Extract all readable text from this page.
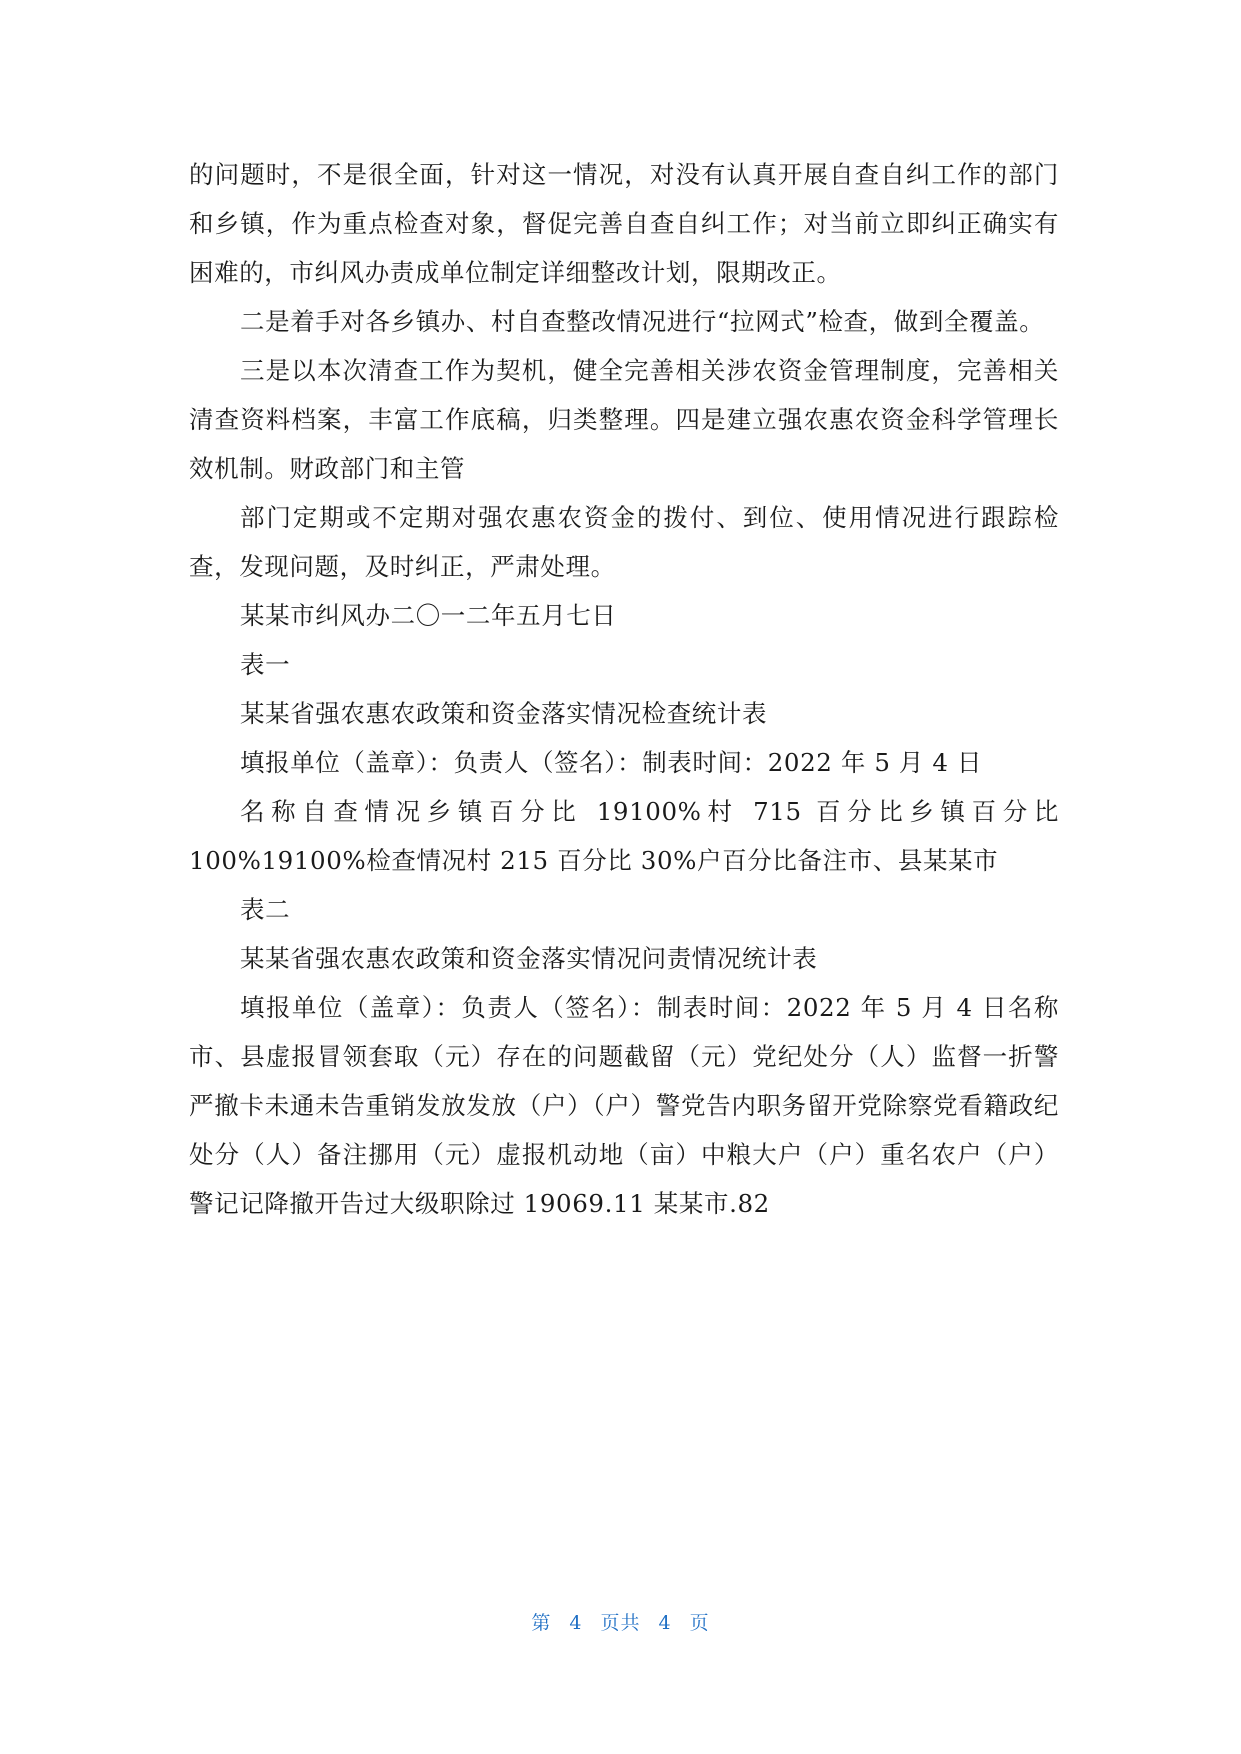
的问题时，不是很全面，针对这一情况，对没有认真开展自查自纠工作的部门和乡镇，作为重点检查对象，督促完善自查自纠工作；对当前立即纠正确实有困难的，市纠风办责成单位制定详细整改计划，限期改正。

二是着手对各乡镇办、村自查整改情况进行“拉网式”检查，做到全覆盖。

三是以本次清查工作为契机，健全完善相关涉农资金管理制度，完善相关清查资料档案，丰富工作底稿，归类整理。四是建立强农惠农资金科学管理长效机制。财政部门和主管

部门定期或不定期对强农惠农资金的拨付、到位、使用情况进行跟踪检查，发现问题，及时纠正，严肃处理。

某某市纠风办二〇一二年五月七日

表一

某某省强农惠农政策和资金落实情况检查统计表

填报单位（盖章）：负责人（签名）：制表时间：2022 年 5 月 4 日

名称自查情况乡镇百分比 19100%村 715 百分比乡镇百分比 100%19100%检查情况村 215 百分比 30%户百分比备注市、县某某市

表二

某某省强农惠农政策和资金落实情况问责情况统计表

填报单位（盖章）：负责人（签名）：制表时间：2022 年 5 月 4 日名称市、县虚报冒领套取（元）存在的问题截留（元）党纪处分（人）监督一折警严撤卡未通未告重销发放发放（户）（户）警党告内职务留开党除察党看籍政纪处分（人）备注挪用（元）虚报机动地（亩）中粮大户（户）重名农户（户）警记记降撤开告过大级职除过 19069.11 某某市.82

第 4 页共 4 页
